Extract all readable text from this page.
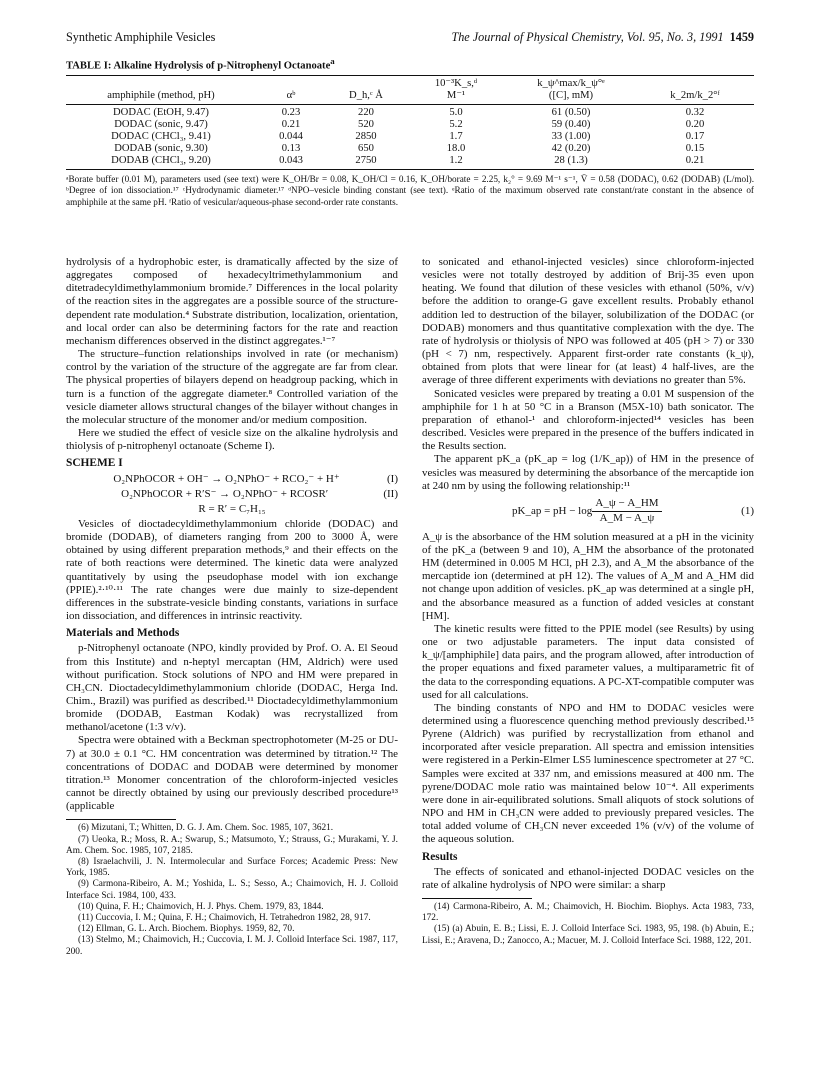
Synthetic Amphiphile Vesicles	The Journal of Physical Chemistry, Vol. 95, No. 3, 1991 1459
TABLE I: Alkaline Hydrolysis of p-Nitrophenyl Octanoate$^a$
			10⁻³K_s,ᵈ	k_ψ^max/k_ψ°ᵉ	
amphiphile (method, pH)	αᵇ	D_h,ᶜ Å	M⁻¹	([C], mM)	k_2m/k_2°ᶠ
DODAC (EtOH, 9.47)	0.23	220	5.0	61 (0.50)	0.32
DODAC (sonic, 9.47)	0.21	520	5.2	59 (0.40)	0.20
DODAC (CHCl₃, 9.41)	0.044	2850	1.7	33 (1.00)	0.17
DODAB (sonic, 9.30)	0.13	650	18.0	42 (0.20)	0.15
DODAB (CHCl₃, 9.20)	0.043	2750	1.2	28 (1.3)	0.21
ᵃBorate buffer (0.01 M), parameters used (see text) were K_OH/Br = 0.08, K_OH/Cl = 0.16, K_OH/borate = 2.25, k₂° = 9.69 M⁻¹ s⁻¹, V̄ = 0.58 (DODAC), 0.62 (DODAB) (L/mol). ᵇDegree of ion dissociation.¹⁷ ᶜHydrodynamic diameter.¹⁷ ᵈNPO–vesicle binding constant (see text). ᵉRatio of the maximum observed rate constant/rate constant in the absence of amphiphile at the same pH. ᶠRatio of vesicular/aqueous-phase second-order rate constants.

hydrolysis of a hydrophobic ester, is dramatically affected by the size of aggregates composed of hexadecyltrimethylammonium and ditetradecyldimethylammonium bromide.⁷ Differences in the local polarity of the reaction sites in the aggregates are a possible source of the structure-dependent rate modulation.⁴ Substrate distribution, localization, orientation, and local order can also be determining factors for the rate and reaction mechanism differences observed in the distinct aggregates.¹⁻⁷

The structure–function relationships involved in rate (or mechanism) control by the variation of the structure of the aggregate are far from clear. The physical properties of bilayers depend on headgroup packing, which in turn is a function of the aggregate diameter.⁸ Controlled variation of the vesicle diameter allows structural changes of the bilayer without changes in the molecular structure of the monomer and/or medium composition.

Here we studied the effect of vesicle size on the alkaline hydrolysis and thiolysis of p-nitrophenyl octanoate (Scheme I).

SCHEME I
O₂NPhOCOR + OH⁻ → O₂NPhO⁻ + RCO₂⁻ + H⁺	(I)
O₂NPhOCOR + R′S⁻ → O₂NPhO⁻ + RCOSR′	(II)
R = R′ = C₇H₁₅

Vesicles of dioctadecyldimethylammonium chloride (DODAC) and bromide (DODAB), of diameters ranging from 200 to 3000 Å, were obtained by using different preparation methods,⁹ and their effects on the rate of both reactions were determined. The kinetic data were analyzed quantitatively by using the pseudophase model with ion exchange (PPIE).²·¹⁰·¹¹ The rate changes were due mainly to size-dependent differences in the substrate-vesicle binding constants, variations in surface ion dissociation, and differences in intrinsic reactivity.

Materials and Methods

p-Nitrophenyl octanoate (NPO, kindly provided by Prof. O. A. El Seoud from this Institute) and n-heptyl mercaptan (HM, Aldrich) were used without purification. Stock solutions of NPO and HM were prepared in CH₃CN. Dioctadecyldimethylammonium chloride (DODAC, Herga Ind. Chim., Brazil) was purified as described.¹¹ Dioctadecyldimethylammonium bromide (DODAB, Eastman Kodak) was recrystallized from methanol/acetone (1:3 v/v).

Spectra were obtained with a Beckman spectrophotometer (M-25 or DU-7) at 30.0 ± 0.1 °C. HM concentration was determined by titration.¹² The concentrations of DODAC and DODAB were determined by monomer titration.¹³ Monomer concentration of the chloroform-injected vesicles cannot be directly obtained by using our previously described procedure¹³ (applicable

(6) Mizutani, T.; Whitten, D. G. J. Am. Chem. Soc. 1985, 107, 3621.

(7) Ueoka, R.; Moss, R. A.; Swarup, S.; Matsumoto, Y.; Strauss, G.; Murakami, Y. J. Am. Chem. Soc. 1985, 107, 2185.

(8) Israelachvili, J. N. Intermolecular and Surface Forces; Academic Press: New York, 1985.

(9) Carmona-Ribeiro, A. M.; Yoshida, L. S.; Sesso, A.; Chaimovich, H. J. Colloid Interface Sci. 1984, 100, 433.

(10) Quina, F. H.; Chaimovich, H. J. Phys. Chem. 1979, 83, 1844.

(11) Cuccovia, I. M.; Quina, F. H.; Chaimovich, H. Tetrahedron 1982, 28, 917.

(12) Ellman, G. L. Arch. Biochem. Biophys. 1959, 82, 70.

(13) Stelmo, M.; Chaimovich, H.; Cuccovia, I. M. J. Colloid Interface Sci. 1987, 117, 200.

to sonicated and ethanol-injected vesicles) since chloroform-injected vesicles were not totally destroyed by addition of Brij-35 even upon heating. We found that dilution of these vesicles with ethanol (50%, v/v) before the addition to orange-G gave excellent results. Probably ethanol addition led to destruction of the bilayer, solubilization of the DODAC (or DODAB) monomers and thus quantitative complexation with the dye. The rate of hydrolysis or thiolysis of NPO was followed at 405 (pH > 7) or 330 (pH < 7) nm, respectively. Apparent first-order rate constants (k_ψ), obtained from plots that were linear for (at least) 4 half-lives, are the average of three different experiments with deviations no greater than 5%.

Sonicated vesicles were prepared by treating a 0.01 M suspension of the amphiphile for 1 h at 50 °C in a Branson (M5X-10) bath sonicator. The preparation of ethanol-¹ and chloroform-injected¹⁴ vesicles has been described. Vesicles were prepared in the presence of the buffers indicated in the Results section.

The apparent pK_a (pK_ap = log (1/K_ap)) of HM in the presence of vesicles was measured by determining the absorbance of the mercaptide ion at 240 nm by using the following relationship:¹¹

pK_ap = pH − $\log \frac{A\_\psi - A\_HM}{A\_M - A\_\psi}$	(1)

A_ψ is the absorbance of the HM solution measured at a pH in the vicinity of the pK_a (between 9 and 10), A_HM the absorbance of the protonated HM (determined in 0.005 M HCl, pH 2.3), and A_M the absorbance of the mercaptide ion (determined at pH 12). The values of A_M and A_HM did not change upon addition of vesicles. pK_ap was determined at a single pH, and the absorbance measured as a function of added vesicles at constant [HM].

The kinetic results were fitted to the PPIE model (see Results) by using one or two adjustable parameters. The input data consisted of k_ψ/[amphiphile] data pairs, and the program allowed, after introduction of the proper equations and fixed parameter values, a multiparametric fit of the data to the corresponding equations. A PC-XT-compatible computer was used for all calculations.

The binding constants of NPO and HM to DODAC vesicles were determined using a fluorescence quenching method previously described.¹⁵ Pyrene (Aldrich) was purified by recrystallization from ethanol and incorporated after vesicle preparation. All spectra and emission intensities were registered in a Perkin-Elmer LS5 luminescence spectrometer at 27 °C. Samples were excited at 337 nm, and emissions measured at 400 nm. The pyrene/DODAC mole ratio was maintained below 10⁻⁴. All experiments were done in air-equilibrated solutions. Small aliquots of stock solutions of NPO and HM in CH₃CN were added to previously prepared vesicles. The total added volume of CH₃CN never exceeded 1% (v/v) of the volume of the aqueous solution.

Results

The effects of sonicated and ethanol-injected DODAC vesicles on the rate of alkaline hydrolysis of NPO were similar: a sharp

(14) Carmona-Ribeiro, A. M.; Chaimovich, H. Biochim. Biophys. Acta 1983, 733, 172.

(15) (a) Abuin, E. B.; Lissi, E. J. Colloid Interface Sci. 1983, 95, 198. (b) Abuin, E.; Lissi, E.; Aravena, D.; Zanocco, A.; Macuer, M. J. Colloid Interface Sci. 1988, 122, 201.
